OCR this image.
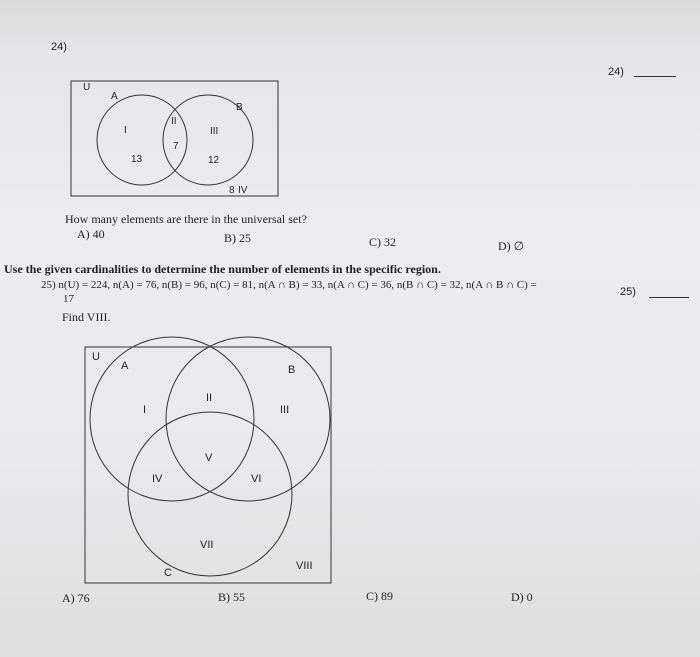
24)
24)
U
A
B
I
II
III
13
7
12
8 IV
U
A	B
C
I
II
III
IV
V
VI
VII
VIII
How many elements are there in the universal set?
A) 40	B) 25	C) 32	D) ∅
Use the given cardinalities to determine the number of elements in the specific region.
25) n(U) = 224, n(A) = 76, n(B) = 96, n(C) = 81, n(A ∩ B) = 33, n(A ∩ C) = 36, n(B ∩ C) = 32, n(A ∩ B ∩ C) =
25)
17
Find VIII.
A) 76	B) 55	C) 89	D) 0
